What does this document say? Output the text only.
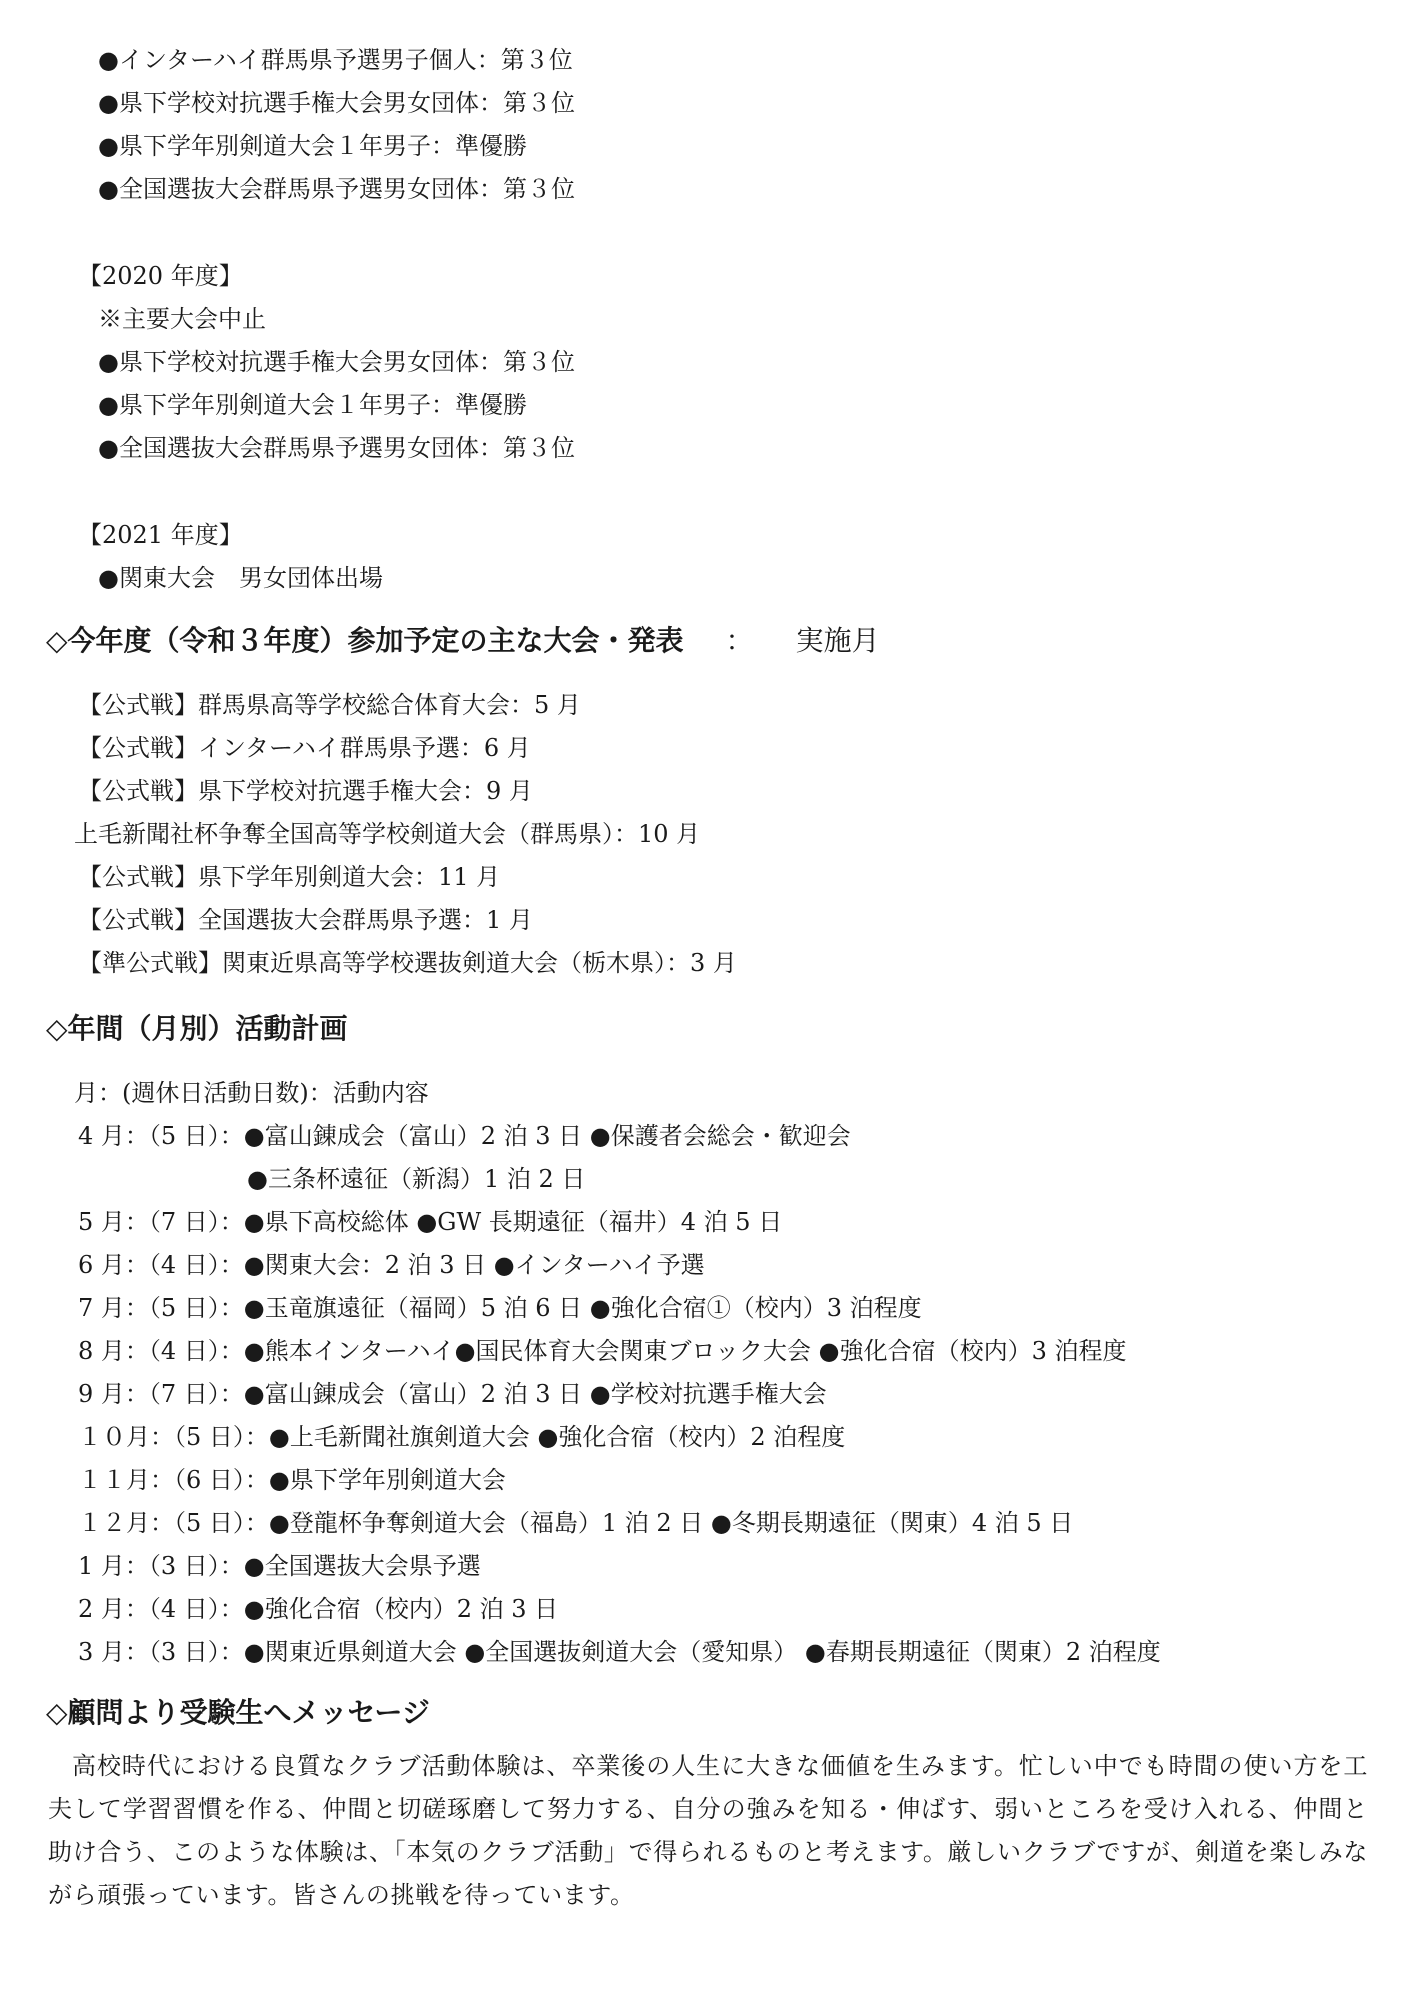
●インターハイ群馬県予選男子個人：第３位
●県下学校対抗選手権大会男女団体：第３位
●県下学年別剣道大会１年男子：準優勝
●全国選抜大会群馬県予選男女団体：第３位
【2020 年度】
※主要大会中止
●県下学校対抗選手権大会男女団体：第３位
●県下学年別剣道大会１年男子：準優勝
●全国選抜大会群馬県予選男女団体：第３位
【2021 年度】
●関東大会　男女団体出場
◇今年度（令和３年度）参加予定の主な大会・発表 ： 実施月
【公式戦】群馬県高等学校総合体育大会：5 月
【公式戦】インターハイ群馬県予選：6 月
【公式戦】県下学校対抗選手権大会：9 月
上毛新聞社杯争奪全国高等学校剣道大会（群馬県）：10 月
【公式戦】県下学年別剣道大会：11 月
【公式戦】全国選抜大会群馬県予選：1 月
【準公式戦】関東近県高等学校選抜剣道大会（栃木県）：3 月
◇年間（月別）活動計画
月：(週休日活動日数)：活動内容
4 月：（5 日）：●富山錬成会（富山）2 泊 3 日 ●保護者会総会・歓迎会
●三条杯遠征（新潟）1 泊 2 日
5 月：（7 日）：●県下高校総体 ●GW 長期遠征（福井）4 泊 5 日
6 月：（4 日）：●関東大会：2 泊 3 日 ●インターハイ予選
7 月：（5 日）：●玉竜旗遠征（福岡）5 泊 6 日 ●強化合宿①（校内）3 泊程度
8 月：（4 日）：●熊本インターハイ●国民体育大会関東ブロック大会 ●強化合宿（校内）3 泊程度
9 月：（7 日）：●富山錬成会（富山）2 泊 3 日 ●学校対抗選手権大会
１０月：（5 日）：●上毛新聞社旗剣道大会 ●強化合宿（校内）2 泊程度
１１月：（6 日）：●県下学年別剣道大会
１２月：（5 日）：●登龍杯争奪剣道大会（福島）1 泊 2 日 ●冬期長期遠征（関東）4 泊 5 日
1 月：（3 日）：●全国選抜大会県予選
2 月：（4 日）：●強化合宿（校内）2 泊 3 日
3 月：（3 日）：●関東近県剣道大会 ●全国選抜剣道大会（愛知県） ●春期長期遠征（関東）2 泊程度
◇顧問より受験生へメッセージ
高校時代における良質なクラブ活動体験は、卒業後の人生に大きな価値を生みます。忙しい中でも時間の使い方を工夫して学習習慣を作る、仲間と切磋琢磨して努力する、自分の強みを知る・伸ばす、弱いところを受け入れる、仲間と助け合う、このような体験は、「本気のクラブ活動」で得られるものと考えます。厳しいクラブですが、剣道を楽しみながら頑張っています。皆さんの挑戦を待っています。
